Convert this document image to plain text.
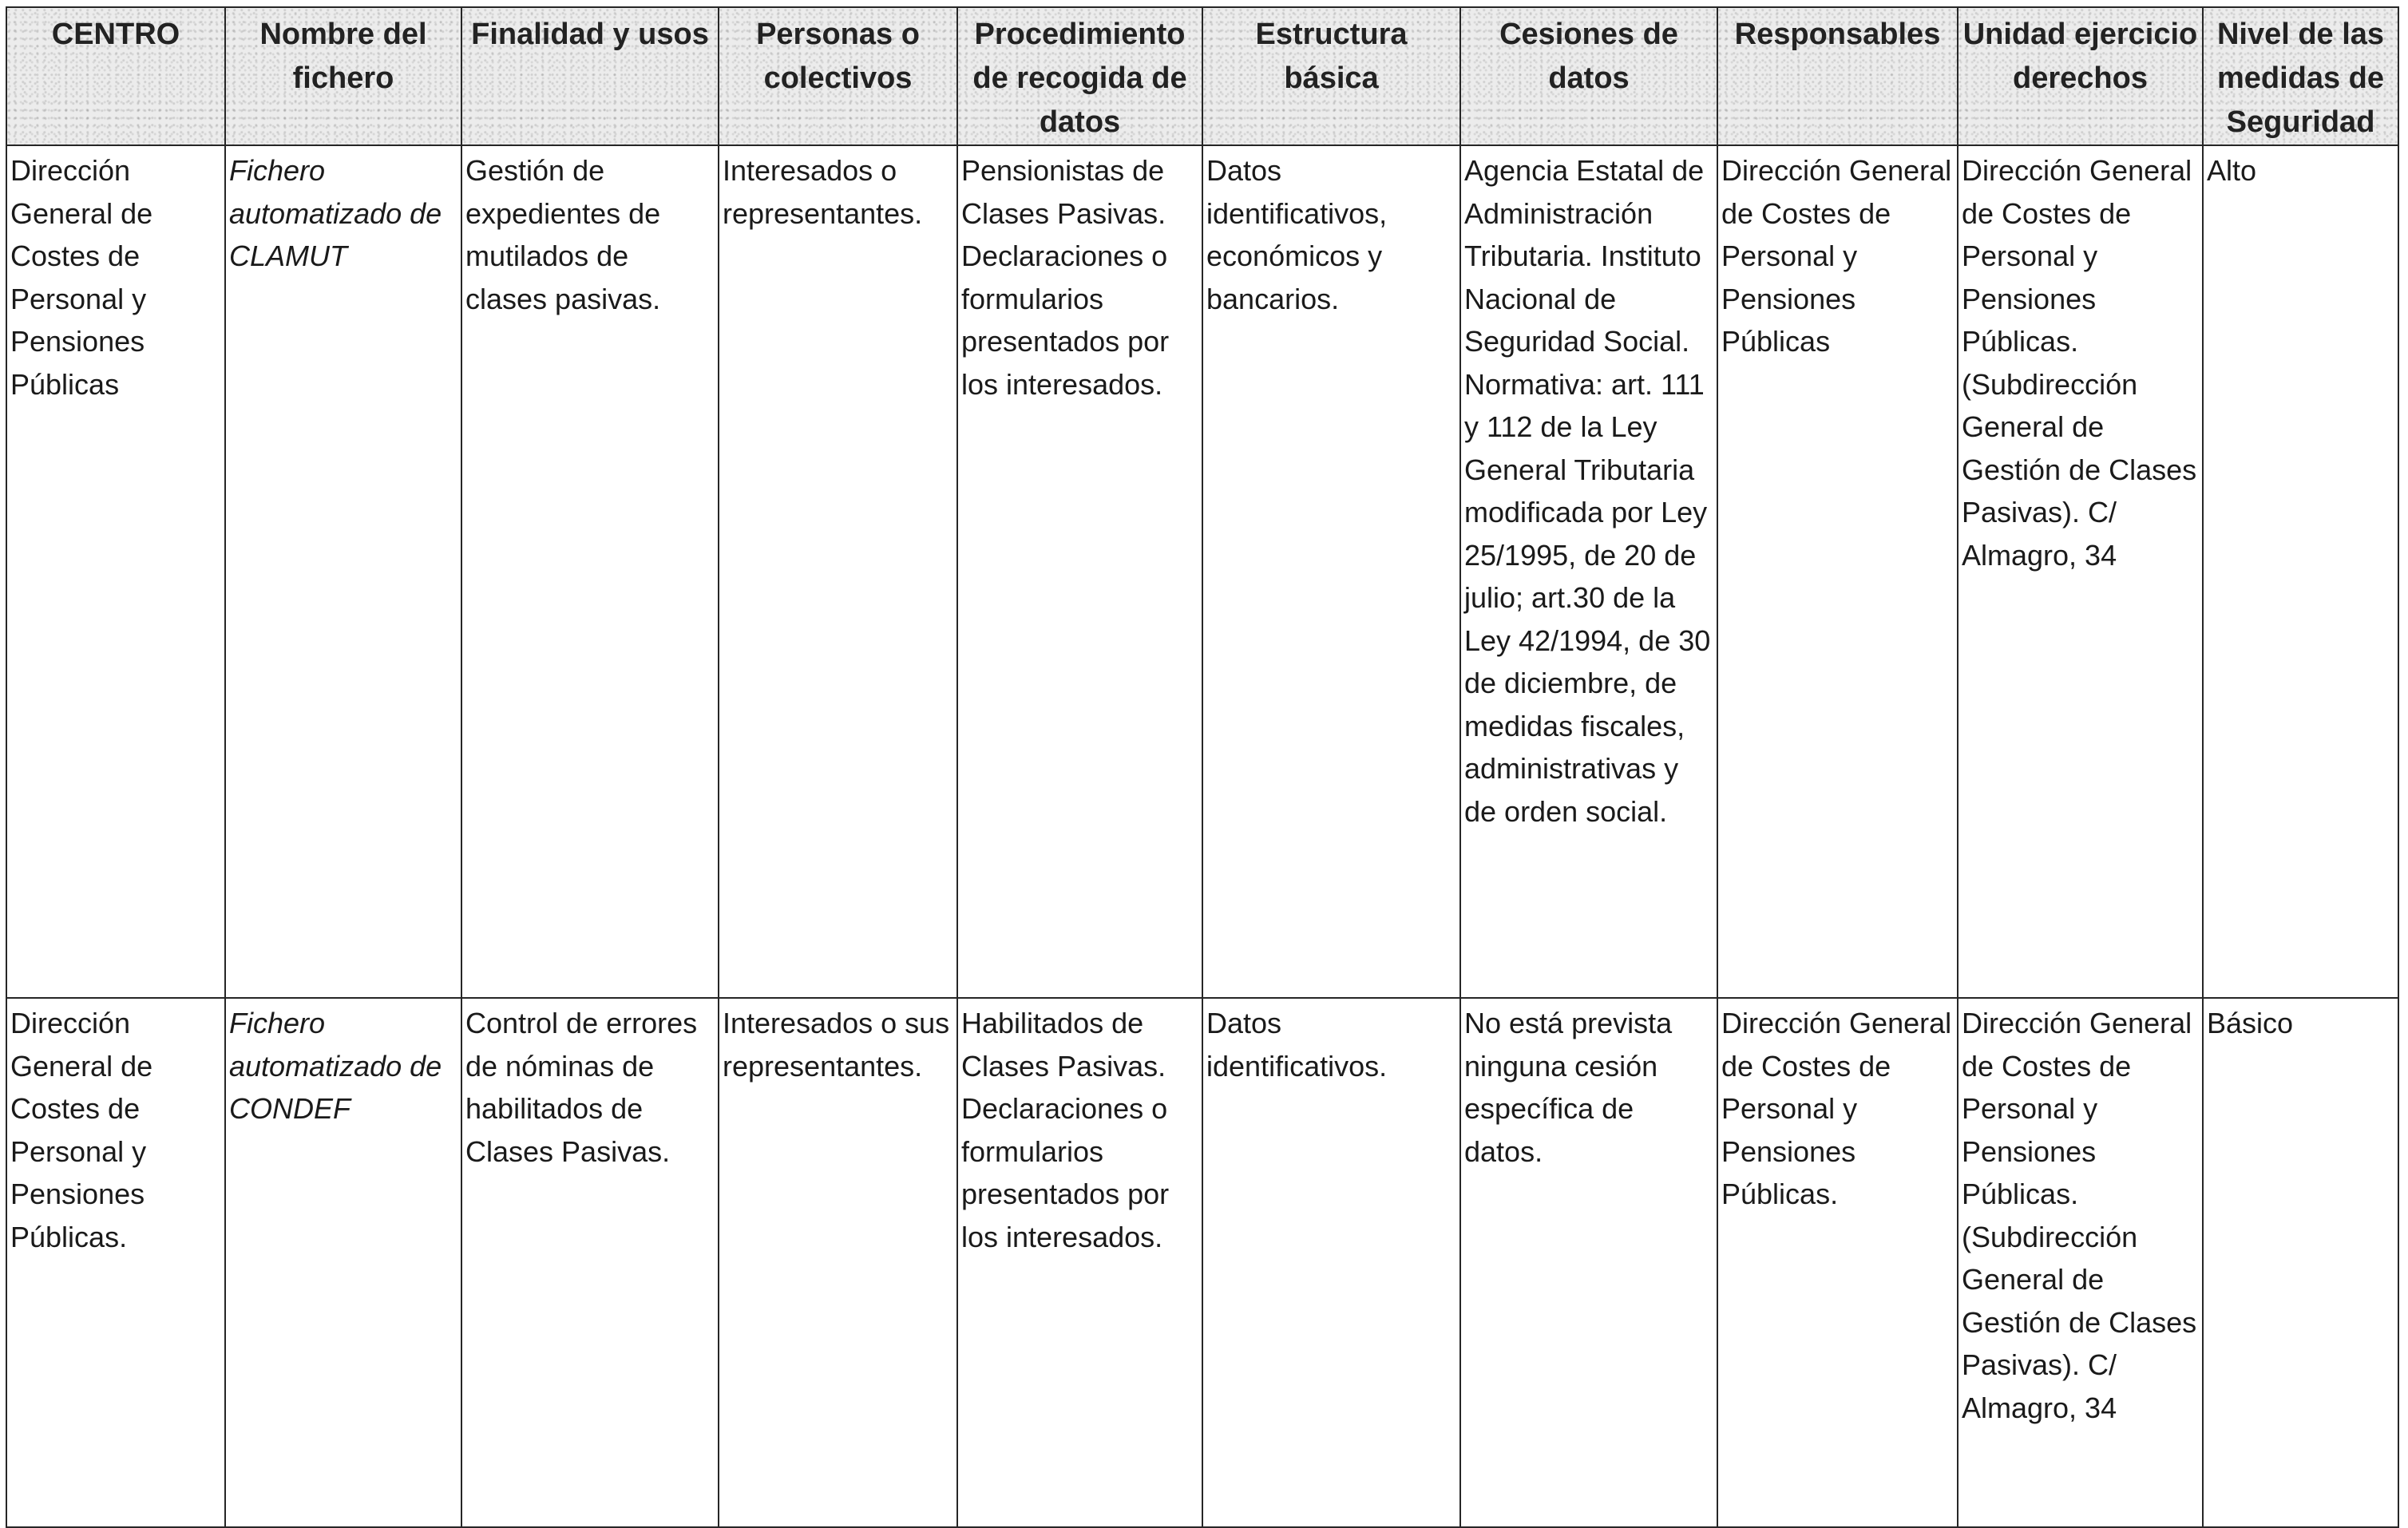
CENTRO	Nombre del fichero	Finalidad y usos	Personas o colectivos	Procedimiento de recogida de datos	Estructura básica	Cesiones de datos	Responsables	Unidad ejercicio derechos	Nivel de las medidas de Seguridad
Dirección General de Costes de Personal y Pensiones Públicas	Fichero automatizado de CLAMUT	Gestión de expedientes de mutilados de clases pasivas.	Interesados o representantes.	Pensionistas de Clases Pasivas. Declaraciones o formularios presentados por los interesados.	Datos identificativos, económicos y bancarios.	Agencia Estatal de Administración Tributaria. Instituto Nacional de Seguridad Social. Normativa: art. 111 y 112 de la Ley General Tributaria modificada por Ley 25/1995, de 20 de julio; art.30 de la Ley 42/1994, de 30 de diciembre, de medidas fiscales, administrativas y de orden social.	Dirección General de Costes de Personal y Pensiones Públicas	Dirección General de Costes de Personal y Pensiones Públicas. (Subdirección General de Gestión de Clases Pasivas). C/ Almagro, 34	Alto
Dirección General de Costes de Personal y Pensiones Públicas.	Fichero automatizado de CONDEF	Control de errores de nóminas de habilitados de Clases Pasivas.	Interesados o sus representantes.	Habilitados de Clases Pasivas. Declaraciones o formularios presentados por los interesados.	Datos identificativos.	No está prevista ninguna cesión específica de datos.	Dirección General de Costes de Personal y Pensiones Públicas.	Dirección General de Costes de Personal y Pensiones Públicas. (Subdirección General de Gestión de Clases Pasivas). C/ Almagro, 34	Básico
